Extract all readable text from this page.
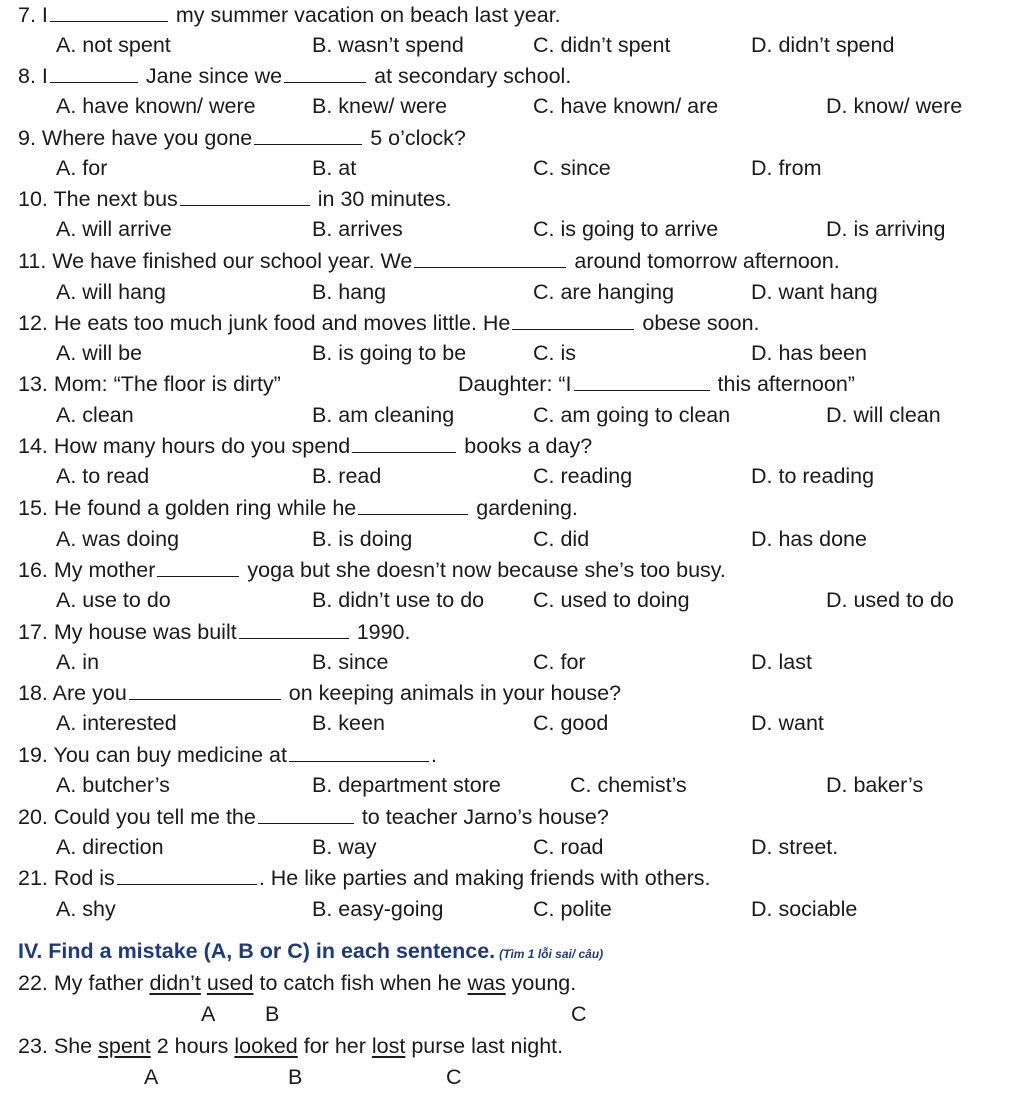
7. I	my summer vacation on beach last year.
A. not spent	B. wasn’t spend	C. didn’t spent	D. didn’t spend
8. I	Jane since we	at secondary school.
A. have known/ were	B. knew/ were	C. have known/ are	D. know/ were
9. Where have you gone	5 o’clock?
A. for	B. at	C. since	D. from
10. The next bus	in 30 minutes.
A. will arrive	B. arrives	C. is going to arrive	D. is arriving
11. We have finished our school year. We	around tomorrow afternoon.
A. will hang	B. hang	C. are hanging	D. want hang
12. He eats too much junk food and moves little. He	obese soon.
A. will be	B. is going to be	C. is	D. has been
13. Mom: “The floor is dirty”	Daughter: “I	this afternoon”
A. clean	B. am cleaning	C. am going to clean	D. will clean
14. How many hours do you spend	books a day?
A. to read	B. read	C. reading	D. to reading
15. He found a golden ring while he	gardening.
A. was doing	B. is doing	C. did	D. has done
16. My mother	yoga but she doesn’t now because she’s too busy.
A. use to do	B. didn’t use to do C. used to doing	D. used to do
17. My house was built	1990.
A. in	B. since	C. for	D. last
18. Are you	on keeping animals in your house?
A. interested	B. keen	C. good	D. want
19. You can buy medicine at	.
A. butcher’s	B. department store	C. chemist’s	D. baker’s
20. Could you tell me the	to teacher Jarno’s house?
A. direction	B. way	C. road	D. street.
21. Rod is	. He like parties and making friends with others.
A. shy	B. easy-going	C. polite	D. sociable
IV. Find a mistake (A, B or C) in each sentence. (Tìm 1 lỗi sai/ câu)
22. My father didn’t used to catch fish when he was young.
A B	C
23. She spent 2 hours looked for her lost purse last night.
A	B	C
